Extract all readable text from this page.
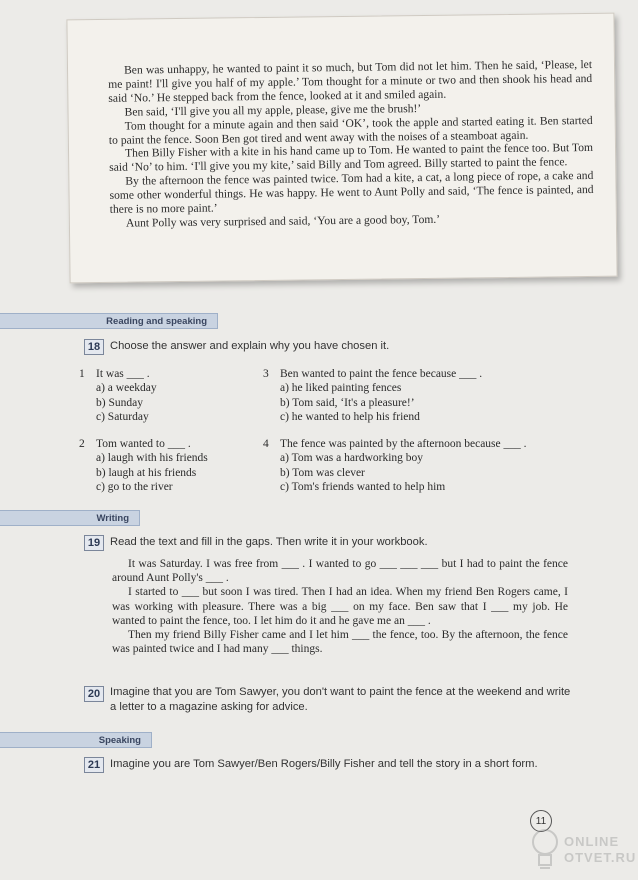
Ben was unhappy, he wanted to paint it so much, but Tom did not let him. Then he said, ‘Please, let me paint! I'll give you half of my apple.’ Tom thought for a minute or two and then shook his head and said ‘No.’ He stepped back from the fence, looked at it and smiled again.

Ben said, ‘I'll give you all my apple, please, give me the brush!’

Tom thought for a minute again and then said ‘OK’, took the apple and started eating it. Ben started to paint the fence. Soon Ben got tired and went away with the noises of a steamboat again.

Then Billy Fisher with a kite in his hand came up to Tom. He wanted to paint the fence too. But Tom said ‘No’ to him. ‘I'll give you my kite,’ said Billy and Tom agreed. Billy started to paint the fence.

By the afternoon the fence was painted twice. Tom had a kite, a cat, a long piece of rope, a cake and some other wonderful things. He was happy. He went to Aunt Polly and said, ‘The fence is painted, and there is no more paint.’

Aunt Polly was very surprised and said, ‘You are a good boy, Tom.’

Reading and speaking
18 Choose the answer and explain why you have chosen it.
1 It was ___ .
a) a weekday
b) Sunday
c) Saturday
2 Tom wanted to ___ .
a) laugh with his friends
b) laugh at his friends
c) go to the river
3 Ben wanted to paint the fence because ___ .
a) he liked painting fences
b) Tom said, ‘It's a pleasure!’
c) he wanted to help his friend
4 The fence was painted by the afternoon because ___ .
a) Tom was a hardworking boy
b) Tom was clever
c) Tom's friends wanted to help him
Writing
19 Read the text and fill in the gaps. Then write it in your workbook.

It was Saturday. I was free from ___ . I wanted to go ___ ___ ___ but I had to paint the fence around Aunt Polly's ___ .

I started to ___ but soon I was tired. Then I had an idea. When my friend Ben Rogers came, I was working with pleasure. There was a big ___ on my face. Ben saw that I ___ my job. He wanted to paint the fence, too. I let him do it and he gave me an ___ .

Then my friend Billy Fisher came and I let him ___ the fence, too. By the afternoon, the fence was painted twice and I had many ___ things.

20 Imagine that you are Tom Sawyer, you don't want to paint the fence at the weekend and write a letter to a magazine asking for advice.
Speaking
21 Imagine you are Tom Sawyer/Ben Rogers/Billy Fisher and tell the story in a short form.
11
ONLINE
OTVET.RU
